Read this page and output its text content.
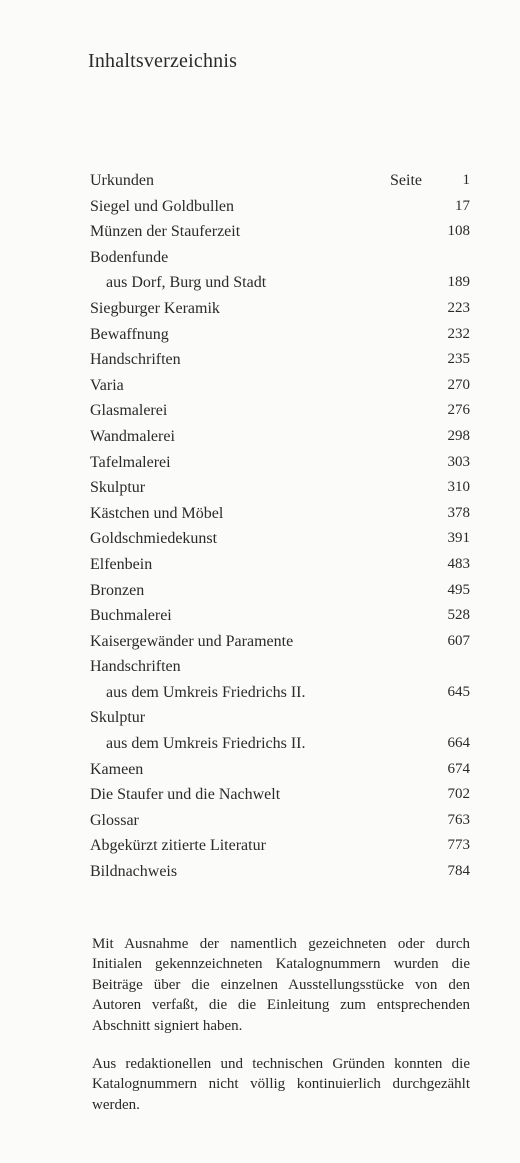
Inhaltsverzeichnis
Urkunden	Seite	1
Siegel und Goldbullen	17
Münzen der Stauferzeit	108
Bodenfunde
aus Dorf, Burg und Stadt	189
Siegburger Keramik	223
Bewaffnung	232
Handschriften	235
Varia	270
Glasmalerei	276
Wandmalerei	298
Tafelmalerei	303
Skulptur	310
Kästchen und Möbel	378
Goldschmiedekunst	391
Elfenbein	483
Bronzen	495
Buchmalerei	528
Kaisergewänder und Paramente	607
Handschriften
aus dem Umkreis Friedrichs II.	645
Skulptur
aus dem Umkreis Friedrichs II.	664
Kameen	674
Die Staufer und die Nachwelt	702
Glossar	763
Abgekürzt zitierte Literatur	773
Bildnachweis	784

Mit Ausnahme der namentlich gezeichneten oder durch Initialen gekennzeichneten Katalognummern wurden die Beiträge über die einzelnen Ausstellungsstücke von den Autoren verfaßt, die die Einleitung zum entsprechenden Abschnitt signiert haben.

Aus redaktionellen und technischen Gründen konnten die Katalognummern nicht völlig kontinuierlich durchgezählt werden.
